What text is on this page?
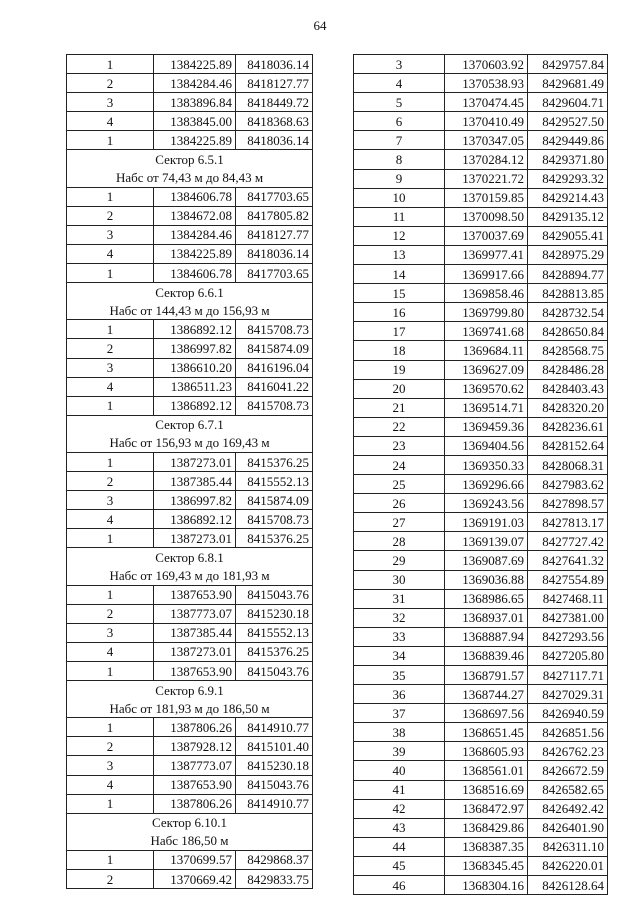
64
1	1384225.89	8418036.14
2	1384284.46	8418127.77
3	1383896.84	8418449.72
4	1383845.00	8418368.63
1	1384225.89	8418036.14
Сектор 6.5.1		
Набс от 74,43 м до 84,43 м		
1	1384606.78	8417703.65
2	1384672.08	8417805.82
3	1384284.46	8418127.77
4	1384225.89	8418036.14
1	1384606.78	8417703.65
Сектор 6.6.1		
Набс от 144,43 м до 156,93 м		
1	1386892.12	8415708.73
2	1386997.82	8415874.09
3	1386610.20	8416196.04
4	1386511.23	8416041.22
1	1386892.12	8415708.73
Сектор 6.7.1		
Набс от 156,93 м до 169,43 м		
1	1387273.01	8415376.25
2	1387385.44	8415552.13
3	1386997.82	8415874.09
4	1386892.12	8415708.73
1	1387273.01	8415376.25
Сектор 6.8.1		
Набс от 169,43 м до 181,93 м		
1	1387653.90	8415043.76
2	1387773.07	8415230.18
3	1387385.44	8415552.13
4	1387273.01	8415376.25
1	1387653.90	8415043.76
Сектор 6.9.1		
Набс от 181,93 м до 186,50 м		
1	1387806.26	8414910.77
2	1387928.12	8415101.40
3	1387773.07	8415230.18
4	1387653.90	8415043.76
1	1387806.26	8414910.77
Сектор 6.10.1		
Набс 186,50 м		
1	1370699.57	8429868.37
2	1370669.42	8429833.75
3	1370603.92	8429757.84
4	1370538.93	8429681.49
5	1370474.45	8429604.71
6	1370410.49	8429527.50
7	1370347.05	8429449.86
8	1370284.12	8429371.80
9	1370221.72	8429293.32
10	1370159.85	8429214.43
11	1370098.50	8429135.12
12	1370037.69	8429055.41
13	1369977.41	8428975.29
14	1369917.66	8428894.77
15	1369858.46	8428813.85
16	1369799.80	8428732.54
17	1369741.68	8428650.84
18	1369684.11	8428568.75
19	1369627.09	8428486.28
20	1369570.62	8428403.43
21	1369514.71	8428320.20
22	1369459.36	8428236.61
23	1369404.56	8428152.64
24	1369350.33	8428068.31
25	1369296.66	8427983.62
26	1369243.56	8427898.57
27	1369191.03	8427813.17
28	1369139.07	8427727.42
29	1369087.69	8427641.32
30	1369036.88	8427554.89
31	1368986.65	8427468.11
32	1368937.01	8427381.00
33	1368887.94	8427293.56
34	1368839.46	8427205.80
35	1368791.57	8427117.71
36	1368744.27	8427029.31
37	1368697.56	8426940.59
38	1368651.45	8426851.56
39	1368605.93	8426762.23
40	1368561.01	8426672.59
41	1368516.69	8426582.65
42	1368472.97	8426492.42
43	1368429.86	8426401.90
44	1368387.35	8426311.10
45	1368345.45	8426220.01
46	1368304.16	8426128.64
